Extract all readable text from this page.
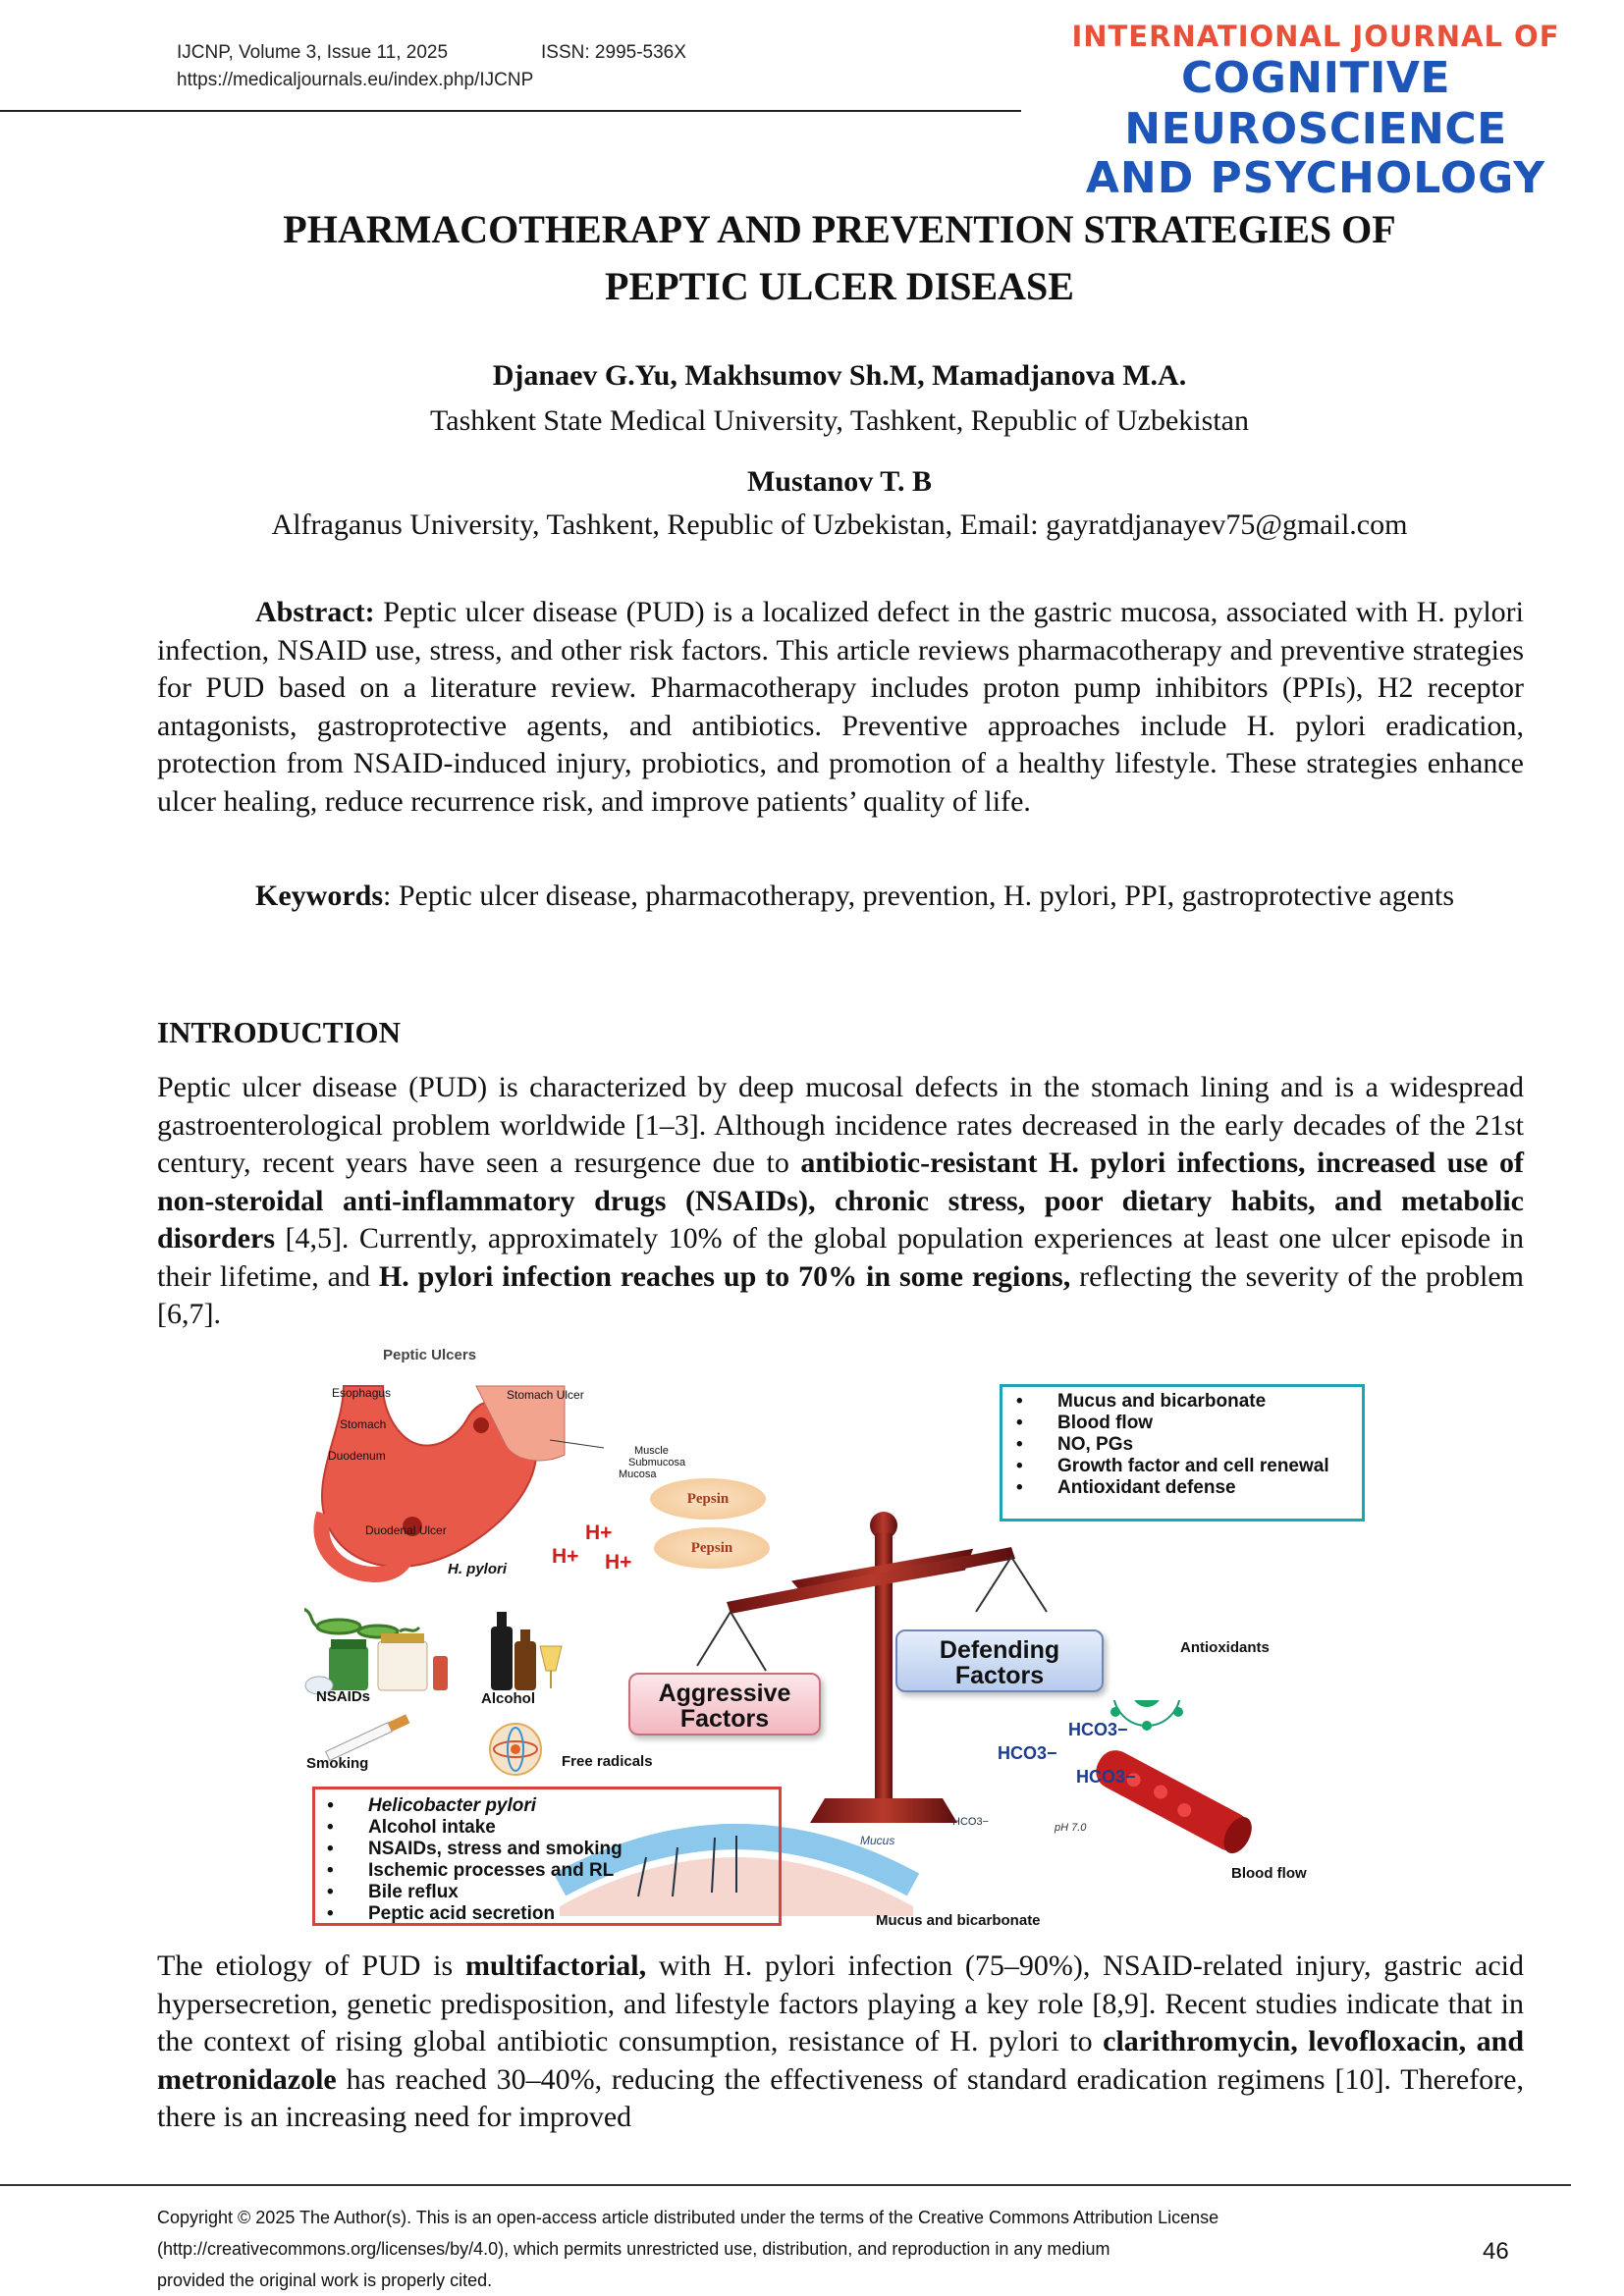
IJCNP, Volume 3, Issue 11, 2025	ISSN: 2995-536X
https://medicaljournals.eu/index.php/IJCNP
INTERNATIONAL JOURNAL OF
COGNITIVE NEUROSCIENCE
AND PSYCHOLOGY
PHARMACOTHERAPY AND PREVENTION STRATEGIES OF
PEPTIC ULCER DISEASE
Djanaev G.Yu, Makhsumov Sh.M, Mamadjanova M.A.
Tashkent State Medical University, Tashkent, Republic of Uzbekistan
Mustanov T. B
Alfraganus University, Tashkent, Republic of Uzbekistan, Email: gayratdjanayev75@gmail.com
Abstract: Peptic ulcer disease (PUD) is a localized defect in the gastric mucosa, associated with H. pylori infection, NSAID use, stress, and other risk factors. This article reviews pharmacotherapy and preventive strategies for PUD based on a literature review. Pharmacotherapy includes proton pump inhibitors (PPIs), H2 receptor antagonists, gastroprotective agents, and antibiotics. Preventive approaches include H. pylori eradication, protection from NSAID-induced injury, probiotics, and promotion of a healthy lifestyle. These strategies enhance ulcer healing, reduce recurrence risk, and improve patients’ quality of life.
Keywords: Peptic ulcer disease, pharmacotherapy, prevention, H. pylori, PPI, gastroprotective agents
INTRODUCTION
Peptic ulcer disease (PUD) is characterized by deep mucosal defects in the stomach lining and is a widespread gastroenterological problem worldwide [1–3]. Although incidence rates decreased in the early decades of the 21st century, recent years have seen a resurgence due to antibiotic-resistant H. pylori infections, increased use of non-steroidal anti-inflammatory drugs (NSAIDs), chronic stress, poor dietary habits, and metabolic disorders [4,5]. Currently, approximately 10% of the global population experiences at least one ulcer episode in their lifetime, and H. pylori infection reaches up to 70% in some regions, reflecting the severity of the problem [6,7].
Peptic Ulcers
Esophagus
Stomach
Duodenum
Stomach Ulcer
Muscle
Submucosa
Mucosa
Duodenal Ulcer
H. pylori
Pepsin
Pepsin
H+
H+ H+
NSAIDs	Alcohol
Smoking	Free radicals
Aggressive
Factors
Defending
Factors
Antioxidants
HCO3−
HCO3−
HCO3−
Mucus
HCO3−	pH 7.0
Mucus and bicarbonate
Blood flow
• Mucus and bicarbonate
• Blood flow
• NO, PGs
• Growth factor and cell renewal
• Antioxidant defense
• Helicobacter pylori
• Alcohol intake
• NSAIDs, stress and smoking
• Ischemic processes and RL
• Bile reflux
• Peptic acid secretion
The etiology of PUD is multifactorial, with H. pylori infection (75–90%), NSAID-related injury, gastric acid hypersecretion, genetic predisposition, and lifestyle factors playing a key role [8,9]. Recent studies indicate that in the context of rising global antibiotic consumption, resistance of H. pylori to clarithromycin, levofloxacin, and metronidazole has reached 30–40%, reducing the effectiveness of standard eradication regimens [10]. Therefore, there is an increasing need for improved
Copyright © 2025 The Author(s). This is an open-access article distributed under the terms of the Creative Commons Attribution License
(http://creativecommons.org/licenses/by/4.0), which permits unrestricted use, distribution, and reproduction in any medium
provided the original work is properly cited.
46
